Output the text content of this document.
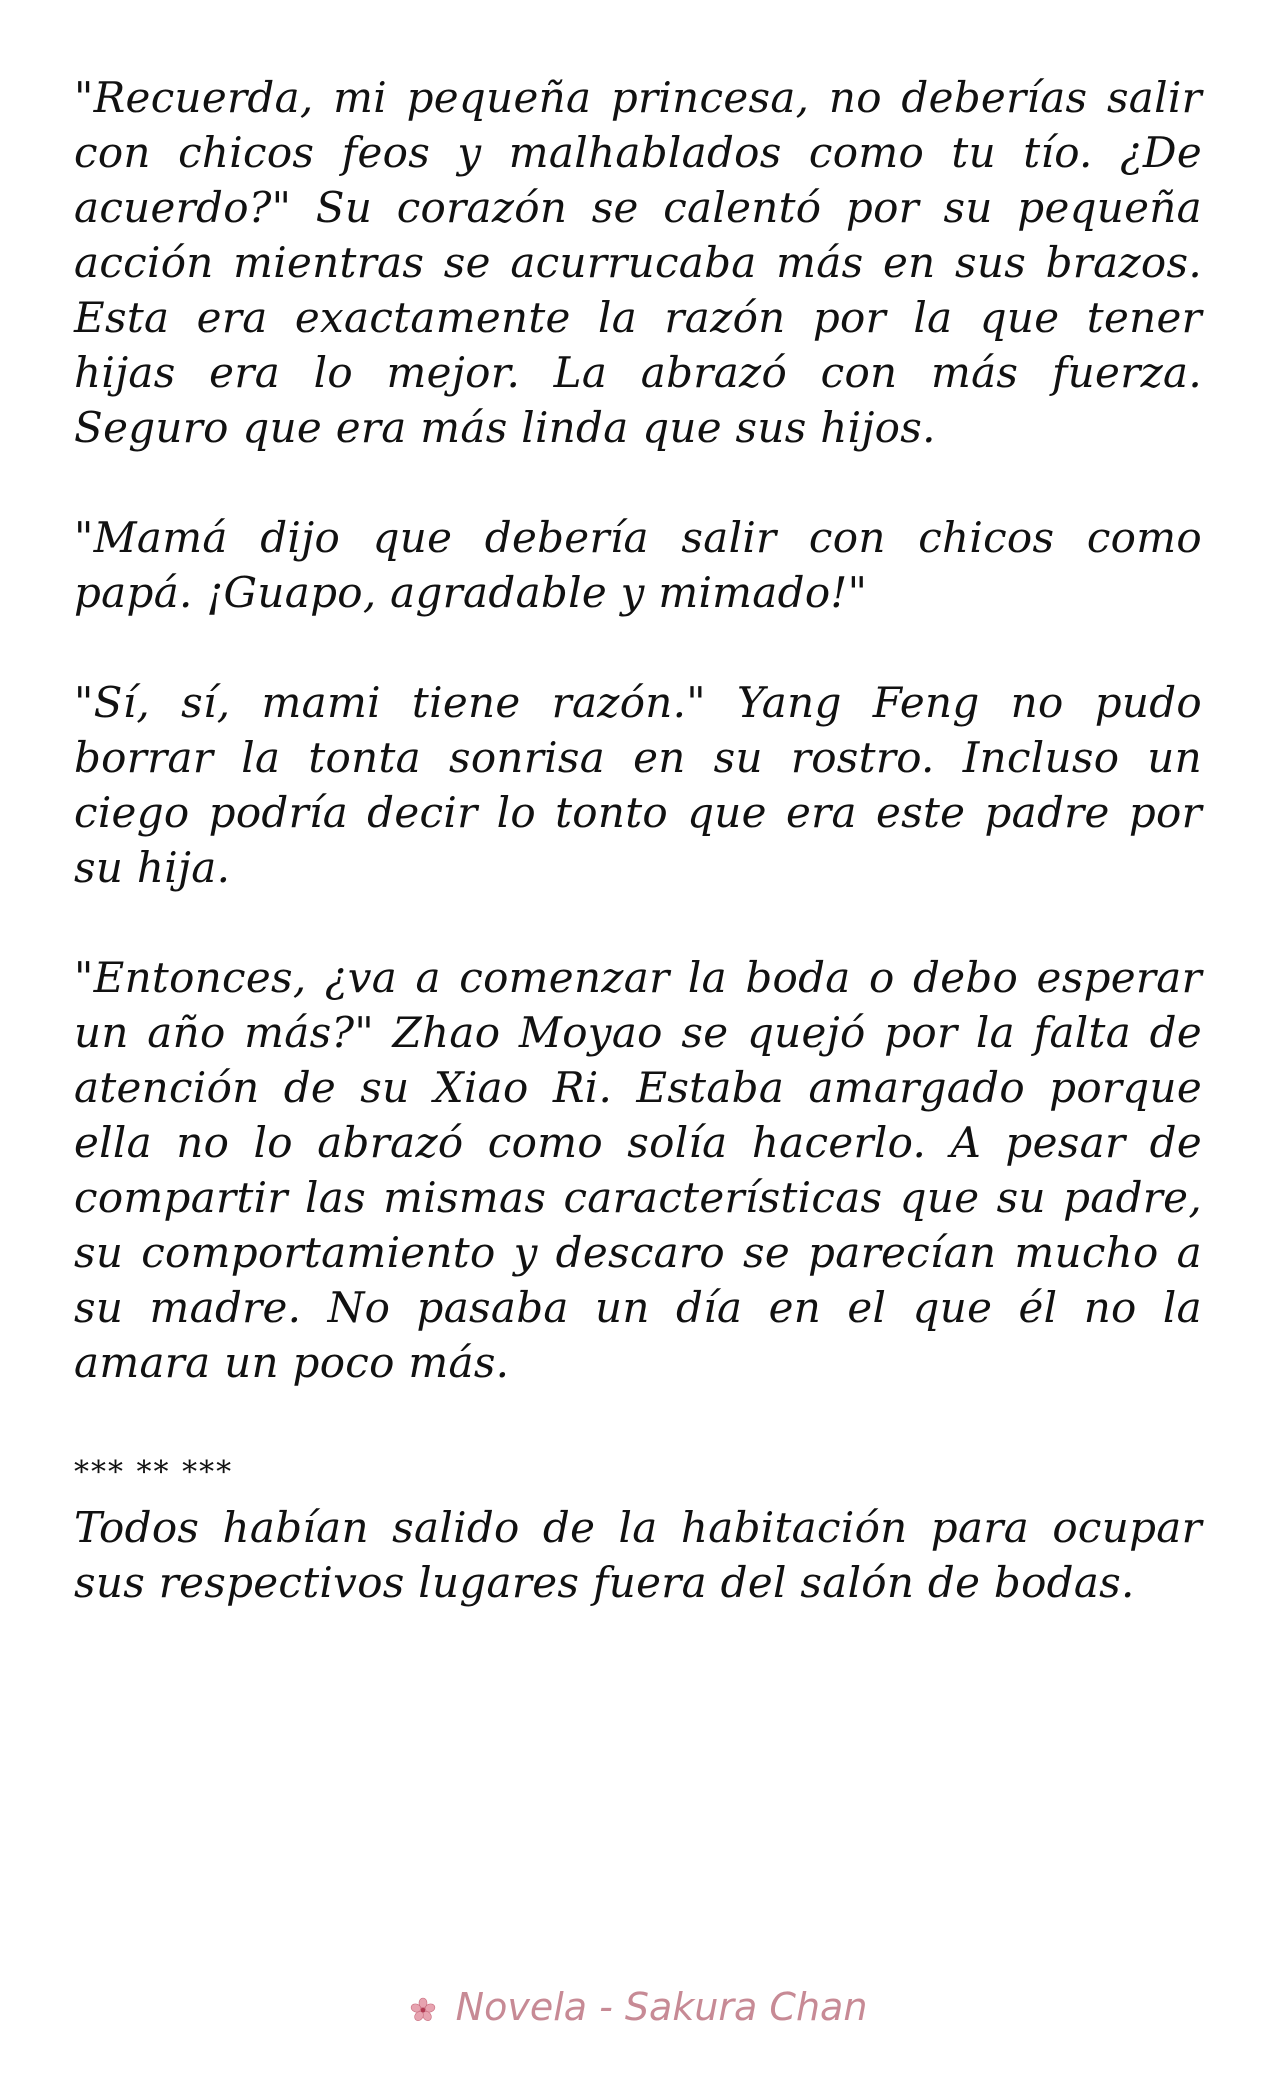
"Recuerda, mi pequeña princesa, no deberías salir con chicos feos y malhablados como tu tío. ¿De acuerdo?" Su corazón se calentó por su pequeña acción mientras se acurrucaba más en sus brazos. Esta era exactamente la razón por la que tener hijas era lo mejor. La abrazó con más fuerza. Seguro que era más linda que sus hijos.

"Mamá dijo que debería salir con chicos como papá. ¡Guapo, agradable y mimado!"

"Sí, sí, mami tiene razón." Yang Feng no pudo borrar la tonta sonrisa en su rostro. Incluso un ciego podría decir lo tonto que era este padre por su hija.

"Entonces, ¿va a comenzar la boda o debo esperar un año más?" Zhao Moyao se quejó por la falta de atención de su Xiao Ri. Estaba amargado porque ella no lo abrazó como solía hacerlo. A pesar de compartir las mismas características que su padre, su comportamiento y descaro se parecían mucho a su madre. No pasaba un día en el que él no la amara un poco más.

*** ** ***

Todos habían salido de la habitación para ocupar sus respectivos lugares fuera del salón de bodas.

Novela - Sakura Chan
